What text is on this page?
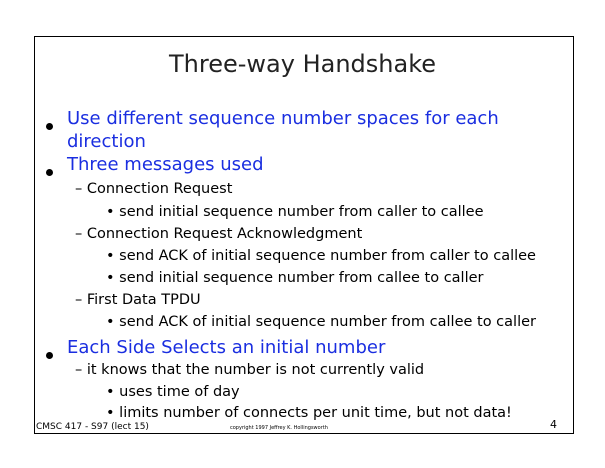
Three-way Handshake
Use different sequence number spaces for each
direction
Three messages used
– Connection Request
• send initial sequence number from caller to callee
– Connection Request Acknowledgment
• send ACK of initial sequence number from caller to callee
• send initial sequence number from callee to caller
– First Data TPDU
• send ACK of initial sequence number from callee to caller
Each Side Selects an initial number
– it knows that the number is not currently valid
• uses time of day
• limits number of connects per unit time, but not data!
CMSC 417 - S97 (lect 15)	copyright 1997 Jeffrey K. Hollingsworth	4
